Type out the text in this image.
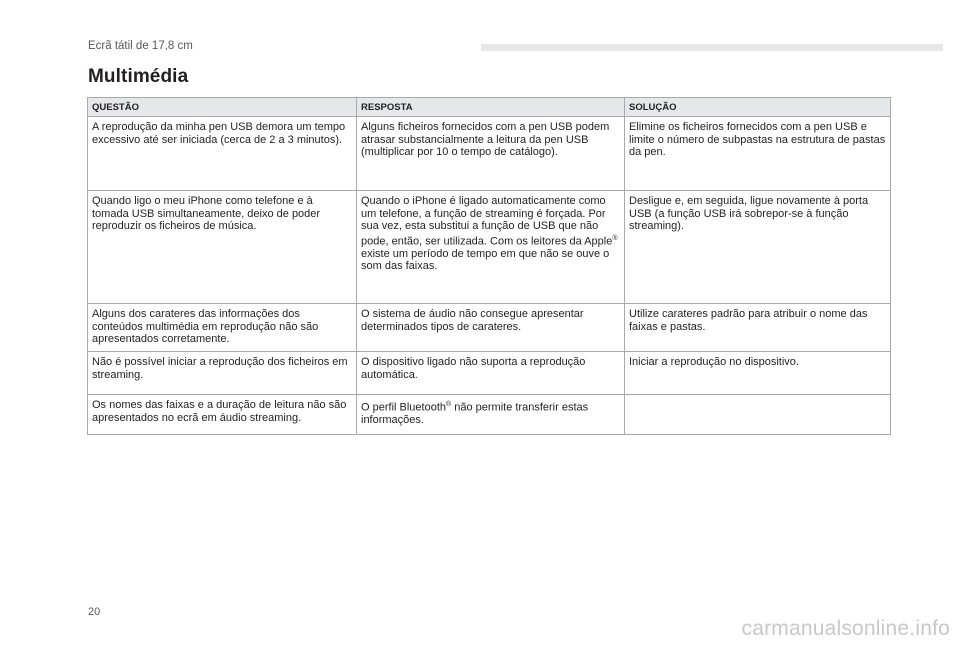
Ecrã tátil de 17,8 cm
Multimédia
QUESTÃO	RESPOSTA	SOLUÇÃO
A reprodução da minha pen USB demora um tempo excessivo até ser iniciada (cerca de 2 a 3 minutos).	Alguns ficheiros fornecidos com a pen USB podem atrasar substancialmente a leitura da pen USB (multiplicar por 10 o tempo de catálogo).	Elimine os ficheiros fornecidos com a pen USB e limite o número de subpastas na estrutura de pastas da pen.
Quando ligo o meu iPhone como telefone e à tomada USB simultaneamente, deixo de poder reproduzir os ficheiros de música.	Quando o iPhone é ligado automaticamente como um telefone, a função de streaming é forçada. Por sua vez, esta substitui a função de USB que não pode, então, ser utilizada. Com os leitores da Apple® existe um período de tempo em que não se ouve o som das faixas.	Desligue e, em seguida, ligue novamente à porta USB (a função USB irá sobrepor-se à função streaming).
Alguns dos carateres das informações dos conteúdos multimédia em reprodução não são apresentados corretamente.	O sistema de áudio não consegue apresentar determinados tipos de carateres.	Utilize carateres padrão para atribuir o nome das faixas e pastas.
Não é possível iniciar a reprodução dos ficheiros em streaming.	O dispositivo ligado não suporta a reprodução automática.	Iniciar a reprodução no dispositivo.
Os nomes das faixas e a duração de leitura não são apresentados no ecrã em áudio streaming.	O perfil Bluetooth® não permite transferir estas informações.	
20
carmanualsonline.info
